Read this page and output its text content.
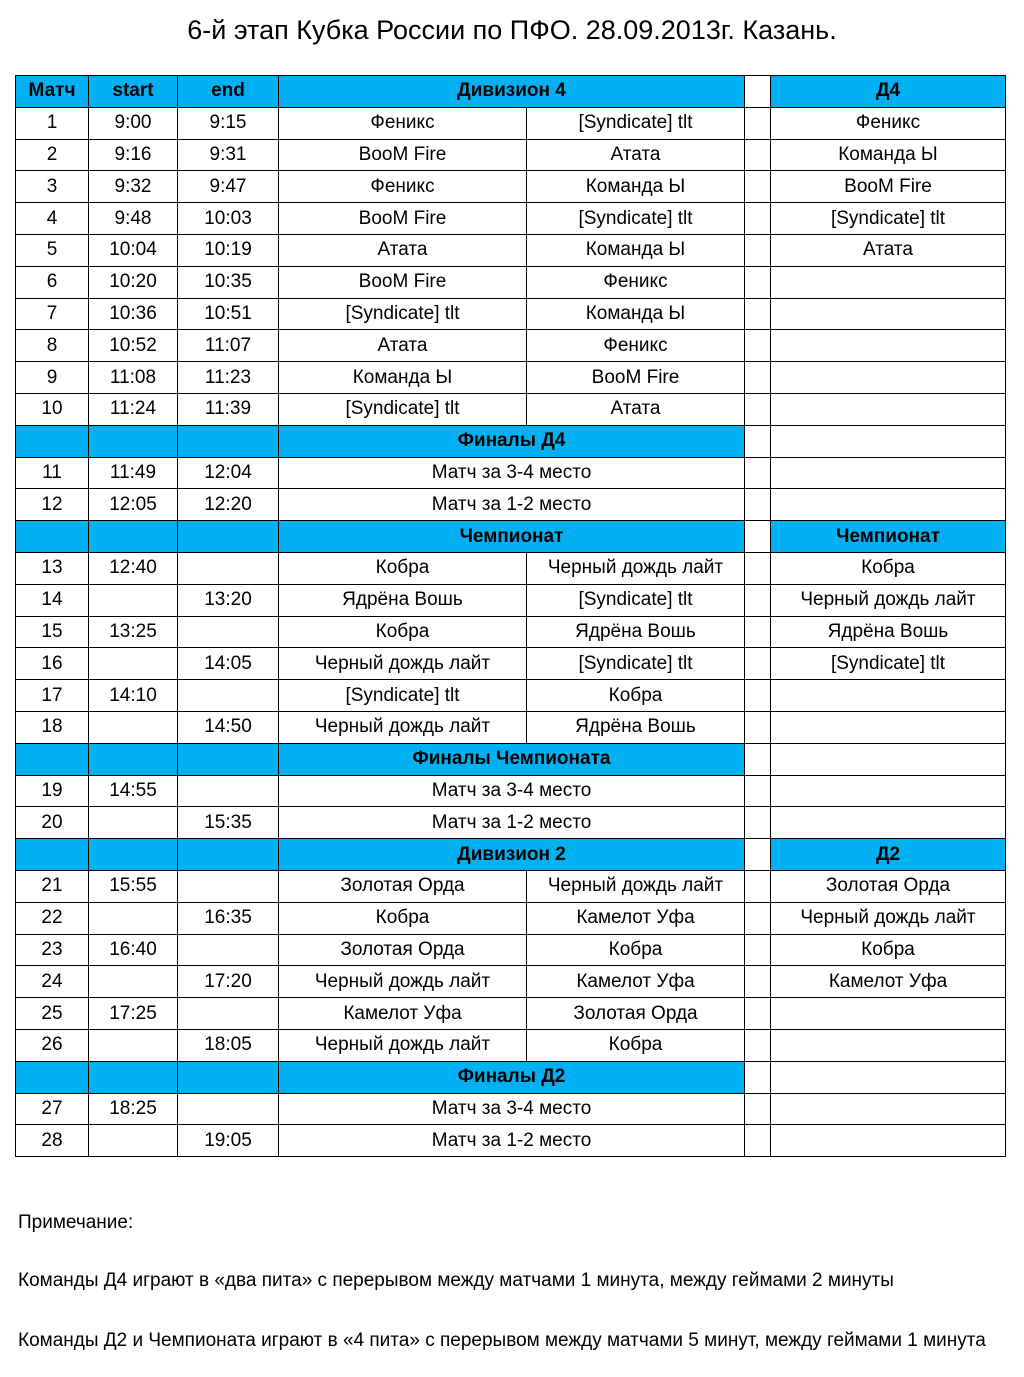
6-й этап Кубка России по ПФО. 28.09.2013г. Казань.
Матч	start	end	Дивизион 4			Д4
1	9:00	9:15	Феникс	[Syndicate] tlt		Феникс
2	9:16	9:31	BooM Fire	Атата		Команда Ы
3	9:32	9:47	Феникс	Команда Ы		BooM Fire
4	9:48	10:03	BooM Fire	[Syndicate] tlt		[Syndicate] tlt
5	10:04	10:19	Атата	Команда Ы		Атата
6	10:20	10:35	BooM Fire	Феникс		
7	10:36	10:51	[Syndicate] tlt	Команда Ы		
8	10:52	11:07	Атата	Феникс		
9	11:08	11:23	Команда Ы	BooM Fire		
10	11:24	11:39	[Syndicate] tlt	Атата		
			Финалы Д4			
11	11:49	12:04	Матч за 3-4 место			
12	12:05	12:20	Матч за 1-2 место			
			Чемпионат			Чемпионат
13	12:40		Кобра	Черный дождь лайт		Кобра
14		13:20	Ядрёна Вошь	[Syndicate] tlt		Черный дождь лайт
15	13:25		Кобра	Ядрёна Вошь		Ядрёна Вошь
16		14:05	Черный дождь лайт	[Syndicate] tlt		[Syndicate] tlt
17	14:10		[Syndicate] tlt	Кобра		
18		14:50	Черный дождь лайт	Ядрёна Вошь		
			Финалы Чемпионата			
19	14:55		Матч за 3-4 место			
20		15:35	Матч за 1-2 место			
			Дивизион 2			Д2
21	15:55		Золотая Орда	Черный дождь лайт		Золотая Орда
22		16:35	Кобра	Камелот Уфа		Черный дождь лайт
23	16:40		Золотая Орда	Кобра		Кобра
24		17:20	Черный дождь лайт	Камелот Уфа		Камелот Уфа
25	17:25		Камелот Уфа	Золотая Орда		
26		18:05	Черный дождь лайт	Кобра		
			Финалы Д2			
27	18:25		Матч за 3-4 место			
28		19:05	Матч за 1-2 место			

Примечание:

Команды Д4 играют в «два пита» с перерывом между матчами 1 минута, между геймами 2 минуты

Команды Д2 и Чемпионата играют в «4 пита» с перерывом между матчами 5 минут, между геймами 1 минута
